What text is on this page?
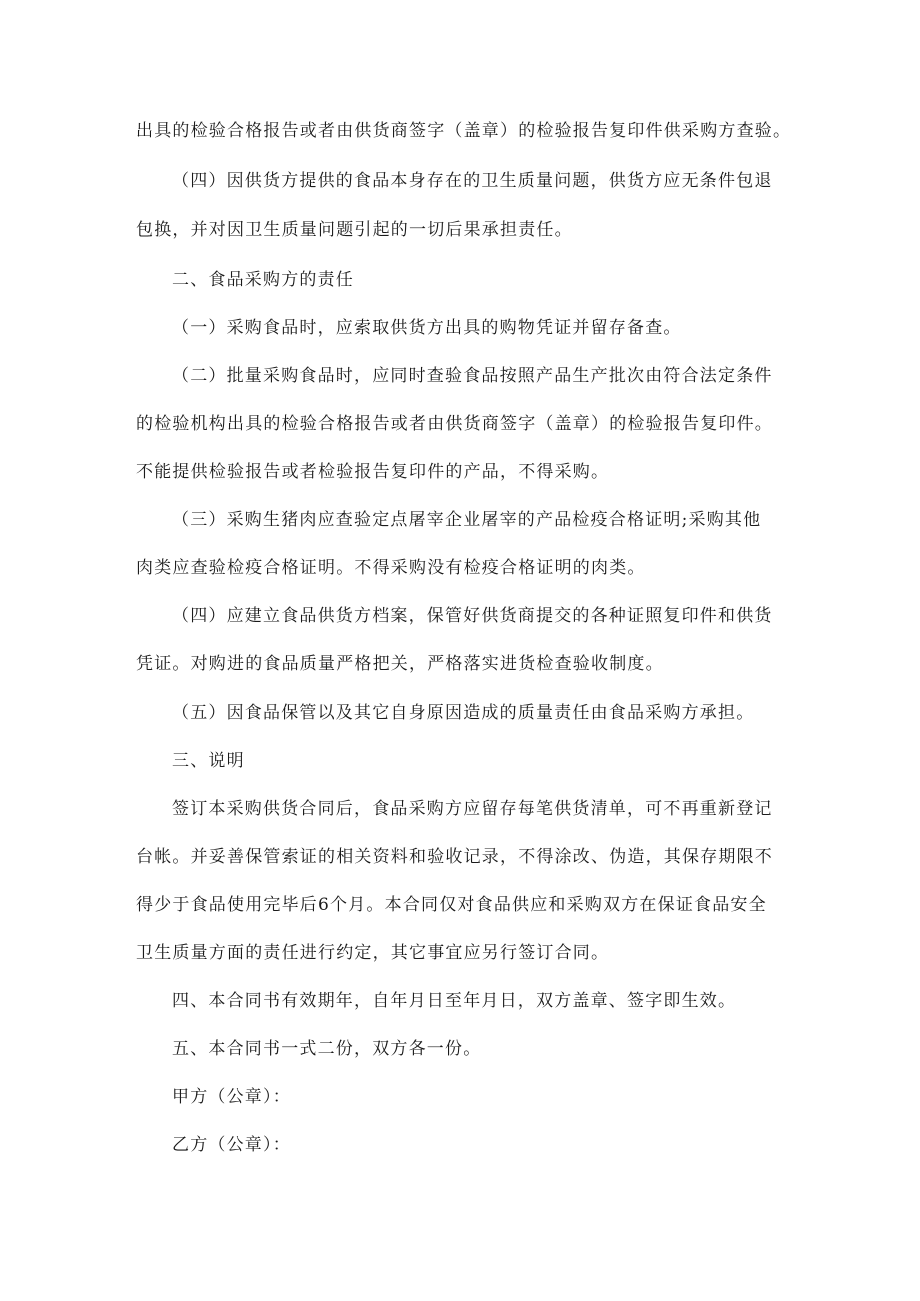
出具的检验合格报告或者由供货商签字（盖章）的检验报告复印件供采购方查验。
（四）因供货方提供的食品本身存在的卫生质量问题，供货方应无条件包退
包换，并对因卫生质量问题引起的一切后果承担责任。
二、食品采购方的责任
（一）采购食品时，应索取供货方出具的购物凭证并留存备查。
（二）批量采购食品时，应同时查验食品按照产品生产批次由符合法定条件
的检验机构出具的检验合格报告或者由供货商签字（盖章）的检验报告复印件。
不能提供检验报告或者检验报告复印件的产品，不得采购。
（三）采购生猪肉应查验定点屠宰企业屠宰的产品检疫合格证明;采购其他
肉类应查验检疫合格证明。不得采购没有检疫合格证明的肉类。
（四）应建立食品供货方档案，保管好供货商提交的各种证照复印件和供货
凭证。对购进的食品质量严格把关，严格落实进货检查验收制度。
（五）因食品保管以及其它自身原因造成的质量责任由食品采购方承担。
三、说明
签订本采购供货合同后，食品采购方应留存每笔供货清单，可不再重新登记
台帐。并妥善保管索证的相关资料和验收记录，不得涂改、伪造，其保存期限不
得少于食品使用完毕后6个月。本合同仅对食品供应和采购双方在保证食品安全
卫生质量方面的责任进行约定，其它事宜应另行签订合同。
四、本合同书有效期年，自年月日至年月日，双方盖章、签字即生效。
五、本合同书一式二份，双方各一份。
甲方（公章）：
乙方（公章）：
